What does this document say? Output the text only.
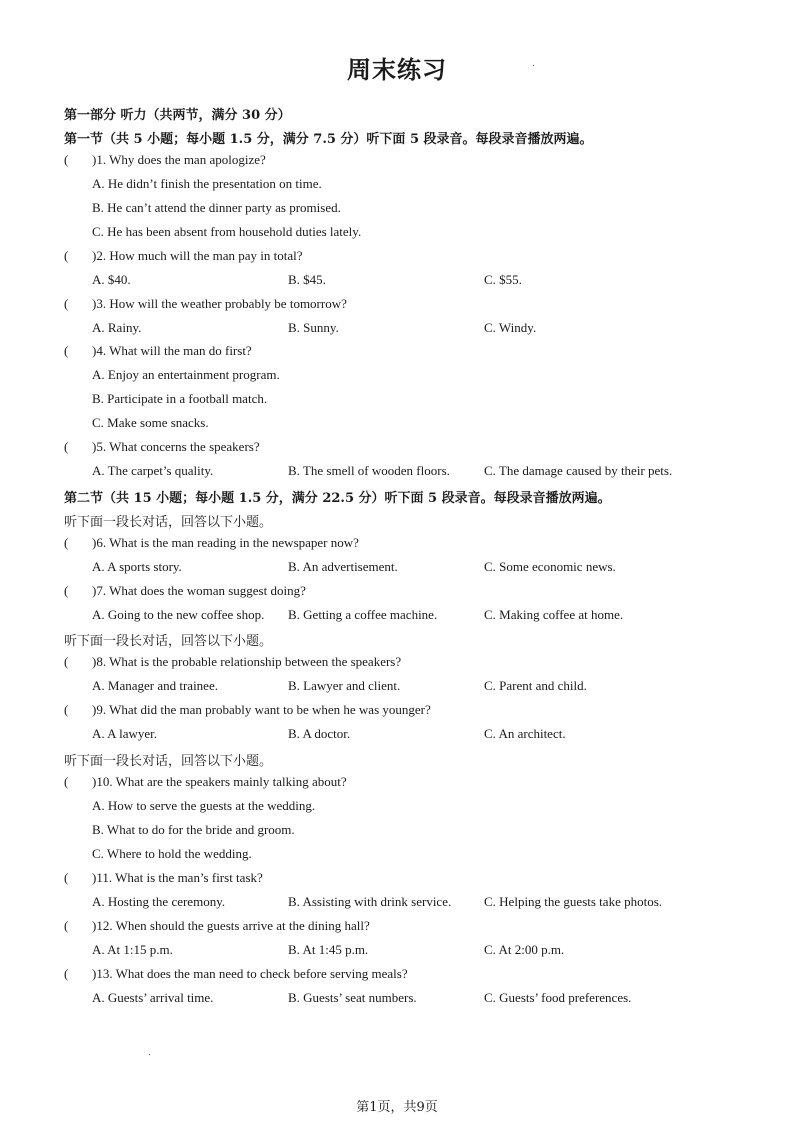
周末练习
第一部分 听力（共两节，满分 30 分）
第一节（共 5 小题；每小题 1.5 分，满分 7.5 分）听下面 5 段录音。每段录音播放两遍。
( )1. Why does the man apologize?
A. He didn’t finish the presentation on time.
B. He can’t attend the dinner party as promised.
C. He has been absent from household duties lately.
( )2. How much will the man pay in total?
A. $40.	B. $45.	C. $55.
( )3. How will the weather probably be tomorrow?
A. Rainy.	B. Sunny.	C. Windy.
( )4. What will the man do first?
A. Enjoy an entertainment program.
B. Participate in a football match.
C. Make some snacks.
( )5. What concerns the speakers?
A. The carpet’s quality.	B. The smell of wooden floors.	C. The damage caused by their pets.
第二节（共 15 小题；每小题 1.5 分，满分 22.5 分）听下面 5 段录音。每段录音播放两遍。
听下面一段长对话，回答以下小题。
( )6. What is the man reading in the newspaper now?
A. A sports story.	B. An advertisement.	C. Some economic news.
( )7. What does the woman suggest doing?
A. Going to the new coffee shop. B. Getting a coffee machine.	C. Making coffee at home.
听下面一段长对话，回答以下小题。
( )8. What is the probable relationship between the speakers?
A. Manager and trainee.	B. Lawyer and client.	C. Parent and child.
( )9. What did the man probably want to be when he was younger?
A. A lawyer.	B. A doctor.	C. An architect.
听下面一段长对话，回答以下小题。
( )10. What are the speakers mainly talking about?
A. How to serve the guests at the wedding.
B. What to do for the bride and groom.
C. Where to hold the wedding.
( )11. What is the man’s first task?
A. Hosting the ceremony.	B. Assisting with drink service.	C. Helping the guests take photos.
( )12. When should the guests arrive at the dining hall?
A. At 1:15 p.m.	B. At 1:45 p.m.	C. At 2:00 p.m.
( )13. What does the man need to check before serving meals?
A. Guests’ arrival time.	B. Guests’ seat numbers.	C. Guests’ food preferences.
第1页，共9页
